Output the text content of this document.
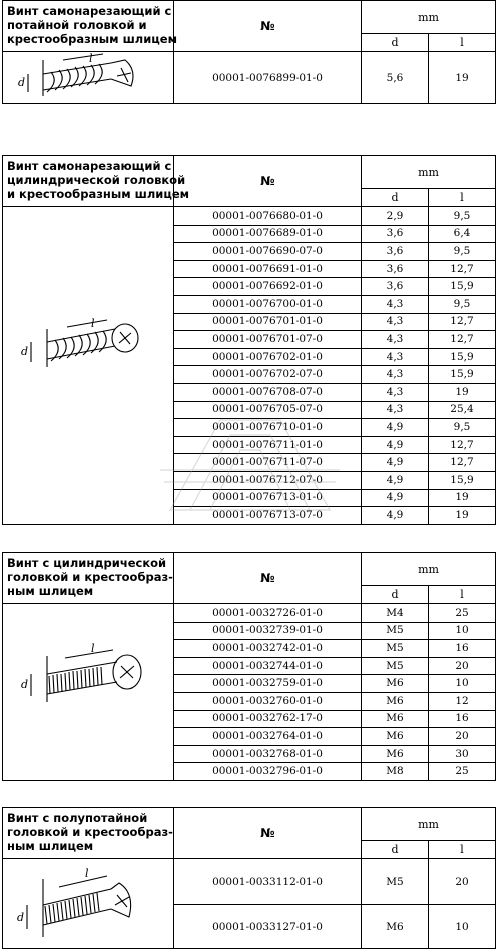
Винт самонарезающий с
потайной головкой и
крестообразным шлицем
№
mm
d	l
d
l
00001-0076899-01-0	5,6	19
Винт самонарезающий с
цилиндрической головкой
и крестообразным шлицем
№
mm
d	l
d
l
00001-0076680-01-0	2,9	9,5
00001-0076689-01-0	3,6	6,4
00001-0076690-07-0	3,6	9,5
00001-0076691-01-0	3,6	12,7
00001-0076692-01-0	3,6	15,9
00001-0076700-01-0	4,3	9,5
00001-0076701-01-0	4,3	12,7
00001-0076701-07-0	4,3	12,7
00001-0076702-01-0	4,3	15,9
00001-0076702-07-0	4,3	15,9
00001-0076708-07-0	4,3	19
00001-0076705-07-0	4,3	25,4
00001-0076710-01-0	4,9	9,5
00001-0076711-01-0	4,9	12,7
00001-0076711-07-0	4,9	12,7
00001-0076712-07-0	4,9	15,9
00001-0076713-01-0	4,9	19
00001-0076713-07-0	4,9	19
Винт с цилиндрической
головкой и крестообраз-
ным шлицем
№
mm
d	l
d
l
00001-0032726-01-0	M4	25
00001-0032739-01-0	M5	10
00001-0032742-01-0	M5	16
00001-0032744-01-0	M5	20
00001-0032759-01-0	M6	10
00001-0032760-01-0	M6	12
00001-0032762-17-0	M6	16
00001-0032764-01-0	M6	20
00001-0032768-01-0	M6	30
00001-0032796-01-0	M8	25
Винт с полупотайной
головкой и крестообраз-
ным шлицем
№
mm
d	l
d
l
00001-0033112-01-0	M5	20
00001-0033127-01-0	M6	10
